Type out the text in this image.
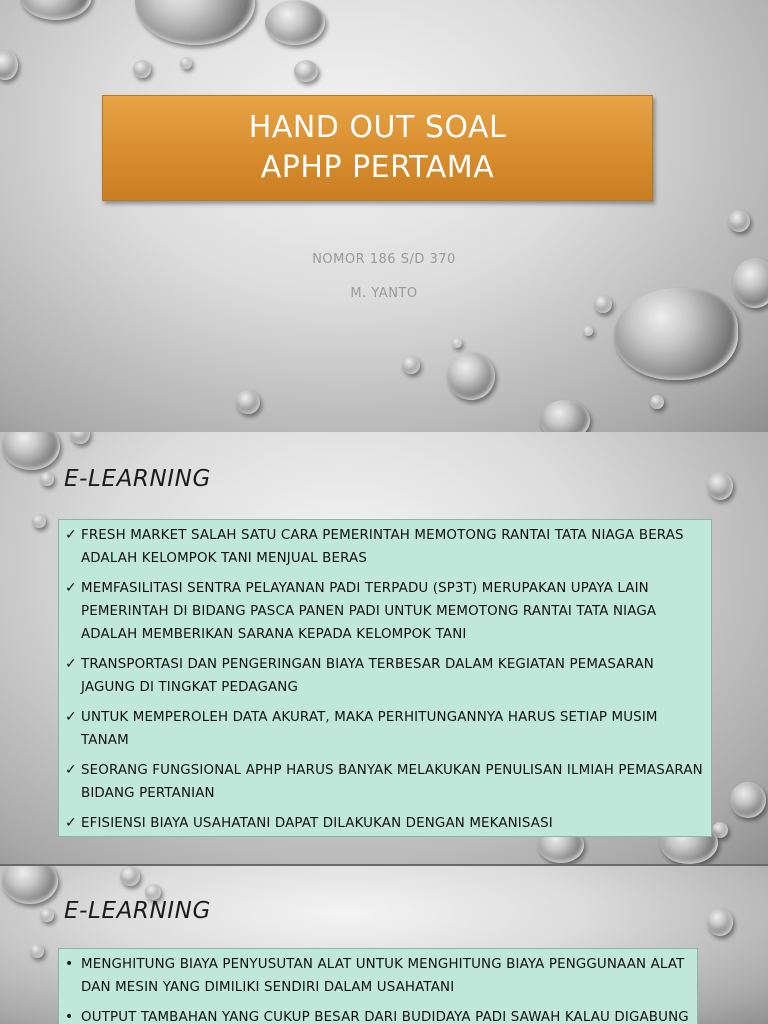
HAND OUT SOAL
APHP PERTAMA
NOMOR 186 S/D 370
M. YANTO
E-LEARNING
✓ FRESH MARKET SALAH SATU CARA PEMERINTAH MEMOTONG RANTAI TATA NIAGA BERAS ADALAH KELOMPOK TANI MENJUAL BERAS
✓ MEMFASILITASI SENTRA PELAYANAN PADI TERPADU (SP3T) MERUPAKAN UPAYA LAIN PEMERINTAH DI BIDANG PASCA PANEN PADI UNTUK MEMOTONG RANTAI TATA NIAGA ADALAH MEMBERIKAN SARANA KEPADA KELOMPOK TANI
✓ TRANSPORTASI DAN PENGERINGAN BIAYA TERBESAR DALAM KEGIATAN PEMASARAN JAGUNG DI TINGKAT PEDAGANG
✓ UNTUK MEMPEROLEH DATA AKURAT, MAKA PERHITUNGANNYA HARUS SETIAP MUSIM TANAM
✓ SEORANG FUNGSIONAL APHP HARUS BANYAK MELAKUKAN PENULISAN ILMIAH PEMASARAN BIDANG PERTANIAN
✓ EFISIENSI BIAYA USAHATANI DAPAT DILAKUKAN DENGAN MEKANISASI
E-LEARNING
• MENGHITUNG BIAYA PENYUSUTAN ALAT UNTUK MENGHITUNG BIAYA PENGGUNAAN ALAT DAN MESIN YANG DIMILIKI SENDIRI DALAM USAHATANI
• OUTPUT TAMBAHAN YANG CUKUP BESAR DARI BUDIDAYA PADI SAWAH KALAU DIGABUNG
